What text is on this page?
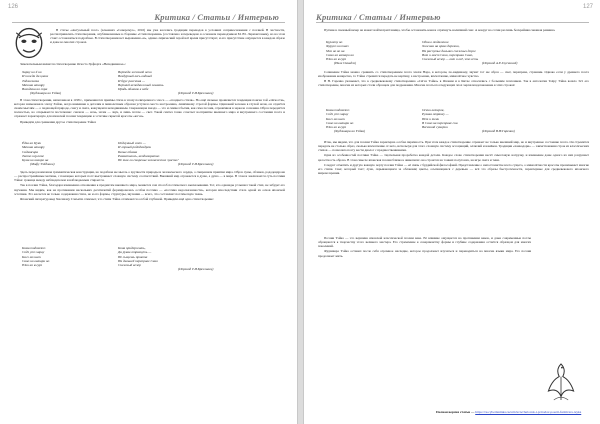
126
Критика / Статьи / Интервью

В статье «Актуальный поэт» (альманах «Северомуз», 2016) мы уже касались традиции переводов в условиях соприкосновения с поэзией. В частности, рассматривались стихотворения, опубликованные в сборнике «Стихотворения» (составлено и переведено в основном переводчиком М. Ю. Лермонтовым), но на этом стоит остановиться подробнее. В стихотворении нет выражения «я», однако лирический герой всё время присутствует, и его присутствие ощущается в каждом образе и даже во многих строках.

Замечательным является стихотворение Огюста Эрфюрта «Неподвижное»:

Харку но й но
И пожда да цикол
Тодзиската
Мачина атацру
Вохидина но сора
(Фудзивара но Тэйка)
Вертеда жесаной ночи
Вендурный весь водный
И брус рассекая —
Верхний неподвижный пламень
Прядь облаков в небе
(Перевод Т.И.Бреславец)

В этом стихотворении, написанном в 1198 г., применяются приёмы стиха в эпоху полихромного эпоса — «позднего стиля». Но ещё сильнее проявляется тенденция поиска той «лёгкости», которая знаменовала эпоху Хэйан, когда внимание к деталям и мимолетным образам уступало место настроению, лишённому строгой формы. Одинокий человек в глухой ночи, он отдаётся своим мыслям — о падающей природе, снегу и свете, кажущемся неподвижным. Сверкающая звезда — это и символ бытия, как сама поэзия, отражённая в зеркале сознания. Образ передаётся полностью, но открывается постепенно: сначала — ночь, затем — звук, и лишь потом — свет. Такой синтез тонко сочетает восприятие внешнего мира и внутреннего состояния поэта и отражает характерную для японской поэзии тенденцию к эстетике скрытой красоты «югэн».

Приведём для сравнения другое стихотворение Тэйка:

Ёдза но Цуки
Мачина атацру
Садамсара
Таото ицугите
Кума но кокоро на
(Мифу Тэйдзаки)
Подлунный свет —
И горный рододендрон
Белые облака
Разметались, неоднократно
Не так ли смиренье человеческих чувств?
(Перевод Т.И.Бреславец)

Здесь перед нами иная грамматическая конструкция, но подобная же мысль о хрупкости природы и человеческого сердца, о смиренном приятии мира. Образ луны, облаков, рододендрона — распространённые мотивы, с помощью которых поэт выстраивает сложную систему соответствий. Внешний мир отражается в душе, а душа — в мире. В этом и заключается суть поэтики Тэйка: граница между наблюдателем и наблюдаемым стирается.

Так в поэзии Тэйка, благодаря изменению отношения к предметам внешнего мира, меняется сам способ поэтического высказывания. Тот, кто однажды услышал такой стих, не забудет его звучания. Мы видим, как на протяжении нескольких десятилетий формировалась особая поэтика — «поэтика недосказанности», которая впоследствии стала одной из основ японской эстетики. Это касается не только содержания стиха, но и его формы, структуры, звучания — всего, что составляет поэтическую ткань.

Японский литературовед Хисамацу Сэнъити отмечает, что стихи Тэйка отличаются особой глубиной. Приведём ещё одно стихотворение:

Кома тодомэтэ
Содэ утэ харау
Кагэ мо наси
Сано но ватари но
Юки но югурэ
Коня придержать,
Да рукав отряхнуть —
Не сыщешь приюта
На дальней переправе Сано
Снежный вечер
(Перевод Т.И.Бреславец)
127
Критика / Статьи / Интервью

Путник в снежный вечер не может найти пристанища, чтобы остановить коня и отряхнуть налипший снег. А вокруг на сотни ри лишь бескрайняя снежная равнина.

Кургату но
Фурувэ ни такэ
Миэ но ко на
Само но ватари но
Юки но югурэ
(Нага Оикадзэ)
Одна в отдалении
Хижина на краю деревни,
На распутье дальних снежных дорог
Вот и мост Сано, переправа Сано,
Снежный вечер — вот и всё, что есть
(Перевод А.Е.Глускиной)

Сочинение Тэйка можно сравнить со стихотворением поэта эпохи Нара, в котором, по-видимому, звучит тот же образ — снег, переправа, странник. Однако если у древнего поэта изображение конкретно, то Тэйка стремится передать не картину, а настроение, впечатление, мимолётное чувство.

В Н. Гаренко указывает, что к средневековому стихотворению «Сёгэн Тэйка» в Японии и в Китае относились с большим почтением. Так в антологии Тоёру Тэйка вошло 321 его стихотворение, многие из которых стали образцом для подражания. Многие поэты последующих эпох черпали вдохновение в этих строках:

Кома тодомэтэ
Содэ утэ харау
Кагэ мо наси
Сано но ватари но
Юки но югурэ
(Фудзивара но Тэйка)
Осени ветерок,
Рукава отряхну —
Нет и тени
В Сано на переправе сна
Весенний сумерки
(Перевод В.Н.Гаренко)

Итак, мы видим, что для поэзии Тэйка характерна особая лиричность. При этом каждое стихотворение отражает не только внешний мир, но и внутреннее состояние поэта. Он стремится передать не столько образ, сколько впечатление от него, используя для этого сложную систему ассоциаций, аллюзий и намёков. Традиция «хонкадори» — заимствования строк из классических стихов — позволяла поэту вести диалог с предшественниками.

Одна из особенностей поэтики Тэйка — тщательная проработка каждой детали. Каждое слово стихотворения несёт смысловую нагрузку, и изменение даже одного из них разрушает целостность образа. В этом смысле японская поэзия близка к живописи: она строится на тонких полутонах, на игре света и тени.

Следует отметить и другую важную черту поэзии Тэйка — её связь с буддийской философией. Представление о непостоянстве всего сущего, о мимолётности красоты пронизывает многие его стихи. Снег, который тает; луна, скрывающаяся за облаками; цветы, осыпающиеся с деревьев — всё это образы быстротечности, характерные для средневекового японского мировоззрения.

Поэзия Тэйка — это вершина японской классической поэзии вака. Её влияние ощущается на протяжении веков, и даже современные поэты обращаются к творчеству этого великого мастера. Его стремление к совершенству формы и глубине содержания остаётся образцом для многих поколений.

Фудзивара Тэйка оставил после себя огромное наследие, которое продолжает изучаться и переводиться на многие языки мира. Его поэзия продолжает жить.

Полная версия статьи — https://ru.cyberleninka.ru/article/n/chelovek-i-prirodav-poezii-fudzivara-teyka
